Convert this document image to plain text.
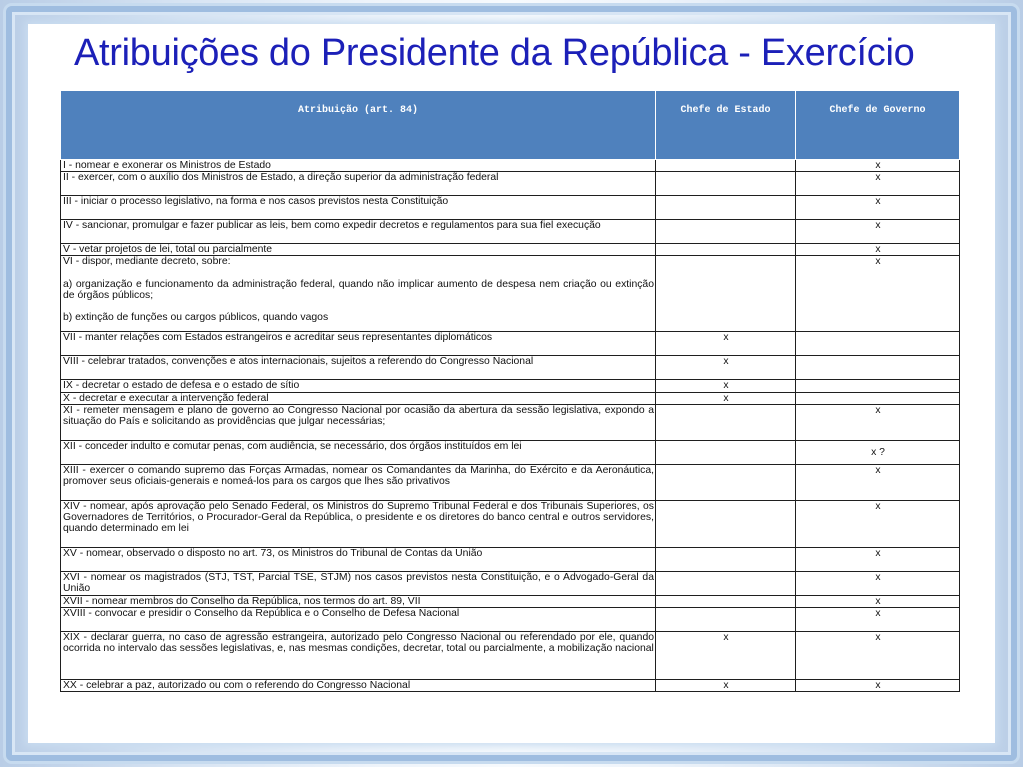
Atribuições do Presidente da República - Exercício
Atribuição (art. 84)	Chefe de Estado	Chefe de Governo
I - nomear e exonerar os Ministros de Estado		x
II - exercer, com o auxílio dos Ministros de Estado, a direção superior da administração federal		x
III - iniciar o processo legislativo, na forma e nos casos previstos nesta Constituição		x
IV - sancionar, promulgar e fazer publicar as leis, bem como expedir decretos e regulamentos para sua fiel execução		x
V - vetar projetos de lei, total ou parcialmente		x
VI - dispor, mediante decreto, sobre:

a) organização e funcionamento da administração federal, quando não implicar aumento de despesa nem criação ou extinção de órgãos públicos;

b) extinção de funções ou cargos públicos, quando vagos		x
VII - manter relações com Estados estrangeiros e acreditar seus representantes diplomáticos	x	
VIII - celebrar tratados, convenções e atos internacionais, sujeitos a referendo do Congresso Nacional	x	
IX - decretar o estado de defesa e o estado de sítio	x	
X - decretar e executar a intervenção federal	x	
XI - remeter mensagem e plano de governo ao Congresso Nacional por ocasião da abertura da sessão legislativa, expondo a situação do País e solicitando as providências que julgar necessárias;		x
XII - conceder indulto e comutar penas, com audiência, se necessário, dos órgãos instituídos em lei		x ?
XIII - exercer o comando supremo das Forças Armadas, nomear os Comandantes da Marinha, do Exército e da Aeronáutica, promover seus oficiais-generais e nomeá-los para os cargos que lhes são privativos		x
XIV - nomear, após aprovação pelo Senado Federal, os Ministros do Supremo Tribunal Federal e dos Tribunais Superiores, os Governadores de Territórios, o Procurador-Geral da República, o presidente e os diretores do banco central e outros servidores, quando determinado em lei		x
XV - nomear, observado o disposto no art. 73, os Ministros do Tribunal de Contas da União		x
XVI - nomear os magistrados (STJ, TST, Parcial TSE, STJM) nos casos previstos nesta Constituição, e o Advogado-Geral da União		x
XVII - nomear membros do Conselho da República, nos termos do art. 89, VII		x
XVIII - convocar e presidir o Conselho da República e o Conselho de Defesa Nacional		x
XIX - declarar guerra, no caso de agressão estrangeira, autorizado pelo Congresso Nacional ou referendado por ele, quando ocorrida no intervalo das sessões legislativas, e, nas mesmas condições, decretar, total ou parcialmente, a mobilização nacional	x	x
XX - celebrar a paz, autorizado ou com o referendo do Congresso Nacional	x	x
